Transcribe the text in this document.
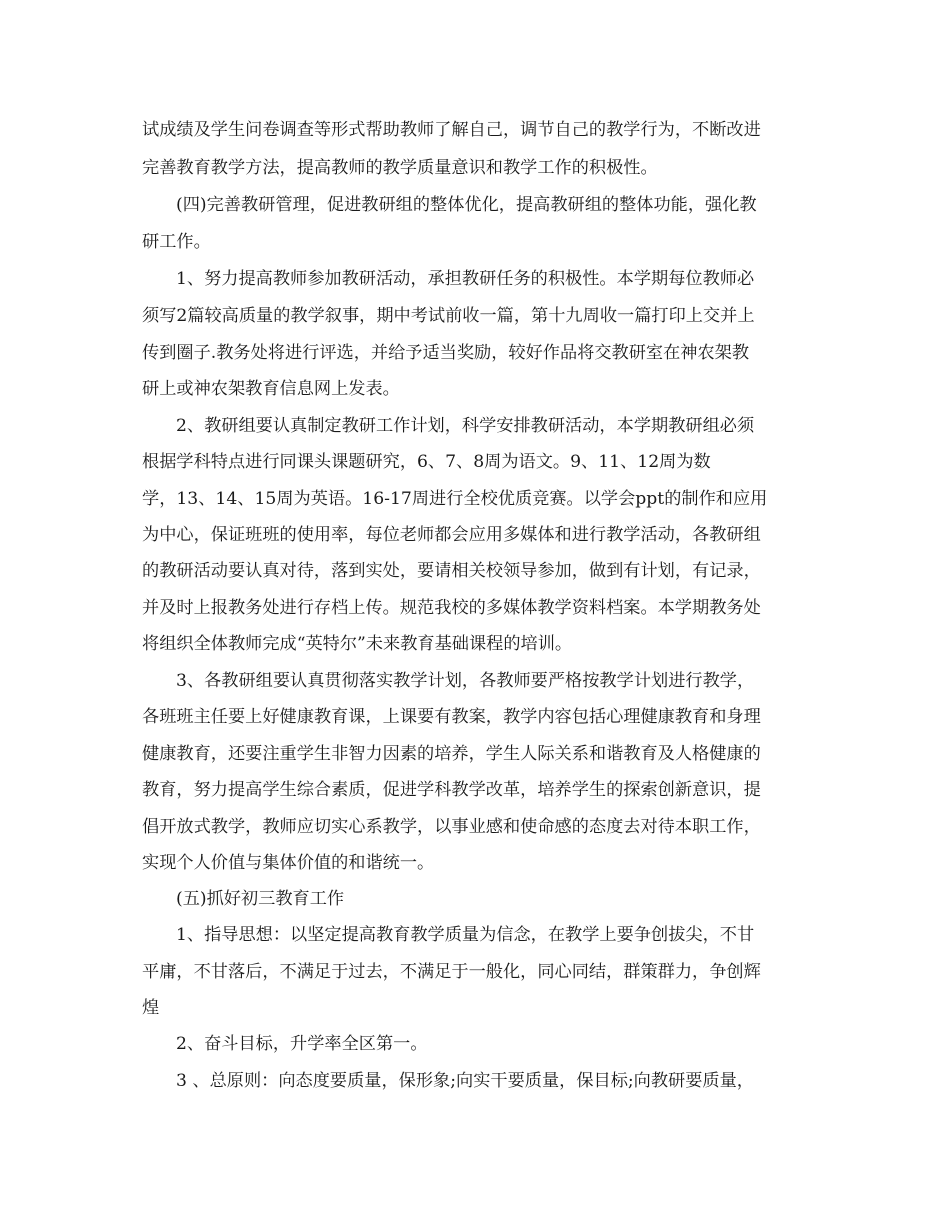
试成绩及学生问卷调查等形式帮助教师了解自己，调节自己的教学行为，不断改进
完善教育教学方法，提高教师的教学质量意识和教学工作的积极性。
(四)完善教研管理，促进教研组的整体优化，提高教研组的整体功能，强化教
研工作。
1、努力提高教师参加教研活动，承担教研任务的积极性。本学期每位教师必
须写2篇较高质量的教学叙事，期中考试前收一篇，第十九周收一篇打印上交并上
传到圈子.教务处将进行评选，并给予适当奖励，较好作品将交教研室在神农架教
研上或神农架教育信息网上发表。
2、教研组要认真制定教研工作计划，科学安排教研活动，本学期教研组必须
根据学科特点进行同课头课题研究，6、7、8周为语文。9、11、12周为数
学，13、14、15周为英语。16-17周进行全校优质竞赛。以学会ppt的制作和应用
为中心，保证班班的使用率，每位老师都会应用多媒体和进行教学活动，各教研组
的教研活动要认真对待，落到实处，要请相关校领导参加，做到有计划，有记录，
并及时上报教务处进行存档上传。规范我校的多媒体教学资料档案。本学期教务处
将组织全体教师完成“英特尔”未来教育基础课程的培训。
3、各教研组要认真贯彻落实教学计划，各教师要严格按教学计划进行教学，
各班班主任要上好健康教育课，上课要有教案，教学内容包括心理健康教育和身理
健康教育，还要注重学生非智力因素的培养，学生人际关系和谐教育及人格健康的
教育，努力提高学生综合素质，促进学科教学改革，培养学生的探索创新意识，提
倡开放式教学，教师应切实心系教学，以事业感和使命感的态度去对待本职工作，
实现个人价值与集体价值的和谐统一。
(五)抓好初三教育工作
1、指导思想：以坚定提高教育教学质量为信念，在教学上要争创拔尖，不甘
平庸，不甘落后，不满足于过去，不满足于一般化，同心同结，群策群力，争创辉
煌
2、奋斗目标，升学率全区第一。
3 、总原则：向态度要质量，保形象;向实干要质量，保目标;向教研要质量，
